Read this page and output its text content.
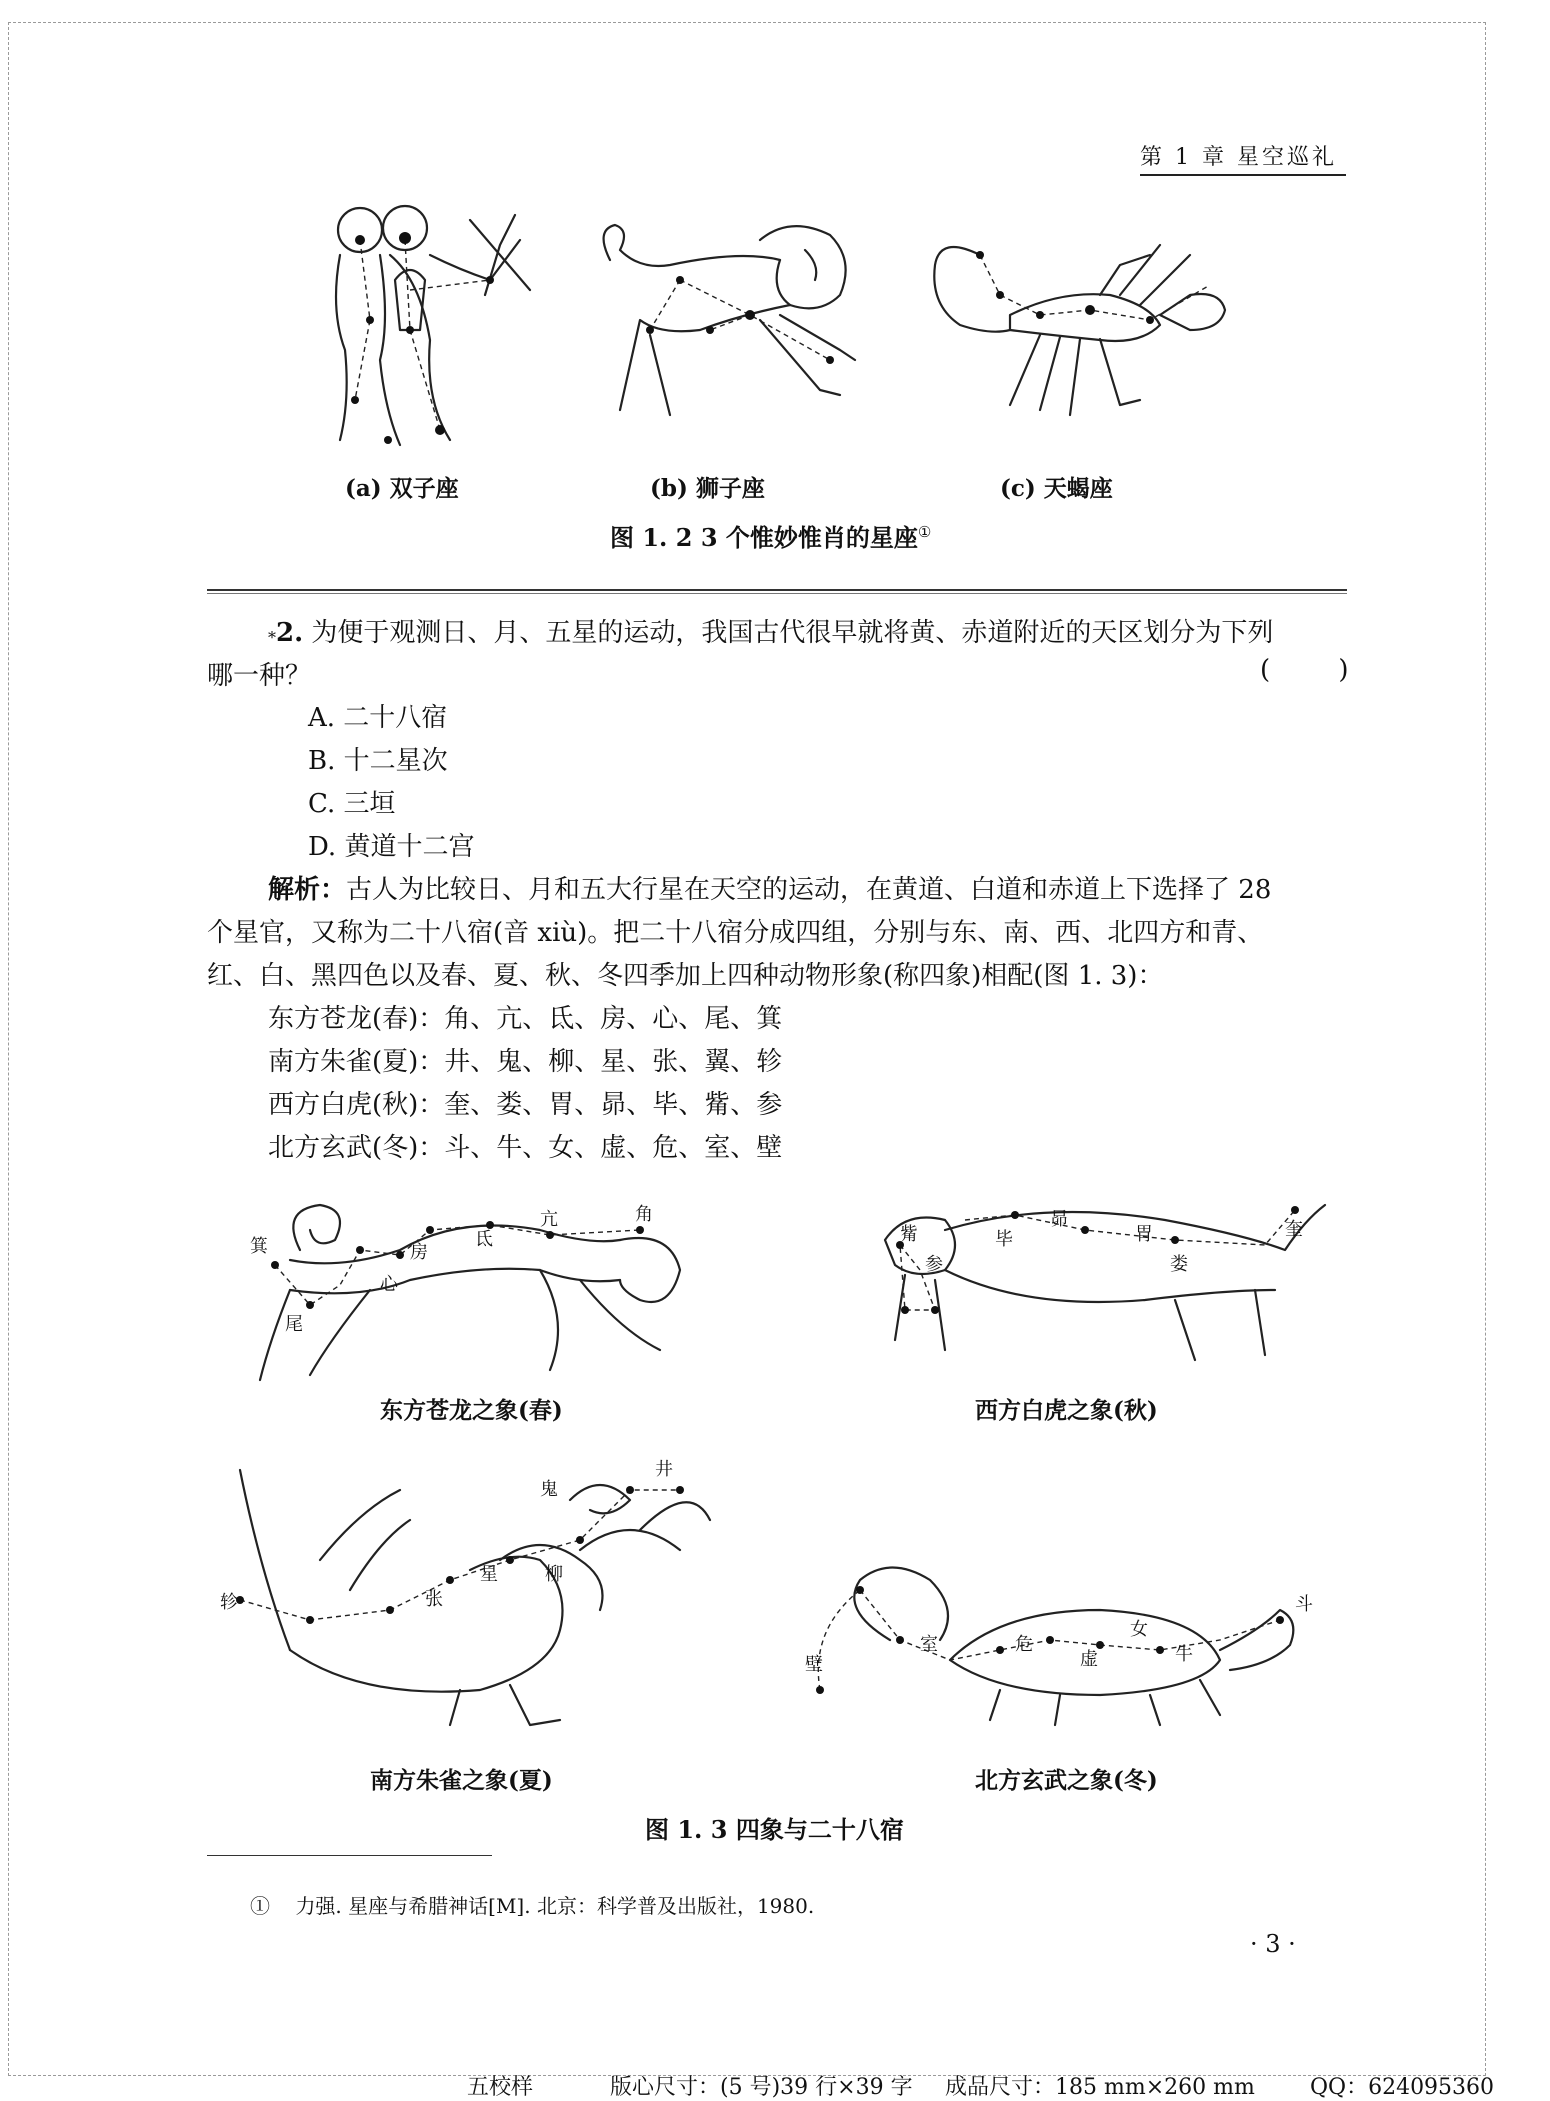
第 1 章 星空巡礼
(a) 双子座	(b) 狮子座	(c) 天蝎座
图 1. 2 3 个惟妙惟肖的星座①
*2. 为便于观测日、月、五星的运动，我国古代很早就将黄、赤道附近的天区划分为下列
哪一种？	( )
A. 二十八宿
B. 十二星次
C. 三垣
D. 黄道十二宫
解析：古人为比较日、月和五大行星在天空的运动，在黄道、白道和赤道上下选择了 28
个星官，又称为二十八宿(音 xiù)。把二十八宿分成四组，分别与东、南、西、北四方和青、
红、白、黑四色以及春、夏、秋、冬四季加上四种动物形象(称四象)相配(图 1. 3)：
东方苍龙(春)：角、亢、氐、房、心、尾、箕
南方朱雀(夏)：井、鬼、柳、星、张、翼、轸
西方白虎(秋)：奎、娄、胃、昴、毕、觜、参
北方玄武(冬)：斗、牛、女、虚、危、室、壁
箕
尾
心
房
氐
亢	角
觜
参
毕
昴
胃
娄
奎
东方苍龙之象(春)	西方白虎之象(秋)
鬼
井
星	柳
张
轸
壁
室	危
虚
女
牛
斗
南方朱雀之象(夏)	北方玄武之象(冬)
图 1. 3 四象与二十八宿
① 力强. 星座与希腊神话[M]. 北京：科学普及出版社，1980.
· 3 ·
五校样	版心尺寸：(5 号)39 行×39 字 成品尺寸：185 mm×260 mm	QQ：624095360
